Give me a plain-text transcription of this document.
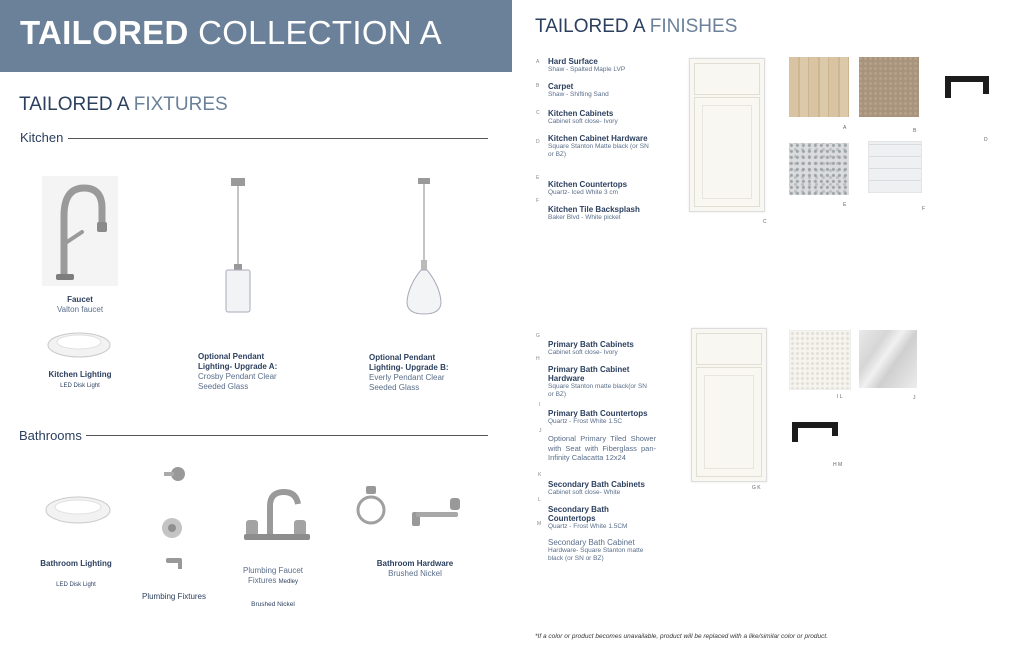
TAILORED COLLECTION A
TAILORED A FIXTURES
Kitchen
Faucet
Valton faucet
Kitchen Lighting
LED Disk Light
Optional Pendant Lighting- Upgrade A:
Crosby Pendant Clear Seeded Glass
Optional Pendant Lighting- Upgrade B:
Everly Pendant Clear Seeded Glass
Bathrooms
Bathroom Lighting

LED Disk Light
Plumbing Fixtures
Plumbing Faucet Fixtures Medley
Brushed Nickel
Bathroom Hardware
Brushed Nickel
TAILORED A FINISHES
A Hard Surface
Shaw - Spalted Maple LVP
B Carpet
Shaw - Shifting Sand
C Kitchen Cabinets
Cabinet soft close- Ivory
D Kitchen Cabinet Hardware
Square Stanton Matte black (or SN or BZ)
E
Kitchen Countertops
Quartz- Iced White 3 cm
F
Kitchen Tile Backsplash
Baker Blvd - White picket
C
A	B
D
E
F
G
Primary Bath Cabinets
Cabinet soft close- Ivory
H
Primary Bath Cabinet Hardware
Square Stanton matte black(or SN or BZ)
I
Primary Bath Countertops
Quartz - Frost White 1.5C
J
Optional Primary Tiled Shower with Seat with Fiberglass pan- Infinity Calacatta 12x24
K
Secondary Bath Cabinets
Cabinet soft close- White
L
Secondary Bath Countertops
Quartz - Frost White 1.5CM
M
Secondary Bath Cabinet
Hardware- Square Stanton matte black (or SN or BZ)
G K
I L	J
H M
*If a color or product becomes unavailable, product will be replaced with a like/similar color or product.
